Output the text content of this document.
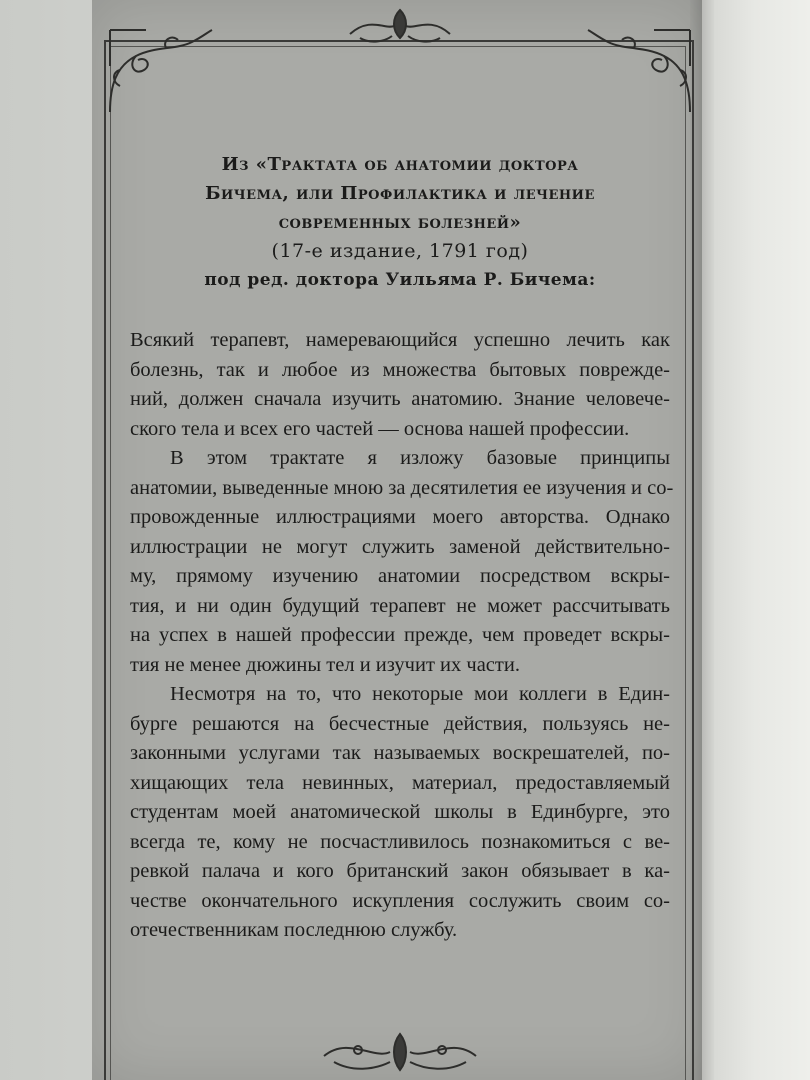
Из «Трактата об анатомии доктора
Бичема, или Профилактика и лечение
современных болезней»
(17-е издание, 1791 год)
под ред. доктора Уильяма Р. Бичема:
Всякий терапевт, намеревающийся успешно лечить как
болезнь, так и любое из множества бытовых поврежде-
ний, должен сначала изучить анатомию. Знание человече-
ского тела и всех его частей — основа нашей профессии.
В этом трактате я изложу базовые принципы
анатомии, выведенные мною за десятилетия ее изучения и со-
провожденные иллюстрациями моего авторства. Однако
иллюстрации не могут служить заменой действительно-
му, прямому изучению анатомии посредством вскры-
тия, и ни один будущий терапевт не может рассчитывать
на успех в нашей профессии прежде, чем проведет вскры-
тия не менее дюжины тел и изучит их части.
Несмотря на то, что некоторые мои коллеги в Един-
бурге решаются на бесчестные действия, пользуясь не-
законными услугами так называемых воскрешателей, по-
хищающих тела невинных, материал, предоставляемый
студентам моей анатомической школы в Единбурге, это
всегда те, кому не посчастливилось познакомиться с ве-
ревкой палача и кого британский закон обязывает в ка-
честве окончательного искупления сослужить своим со-
отечественникам последнюю службу.
